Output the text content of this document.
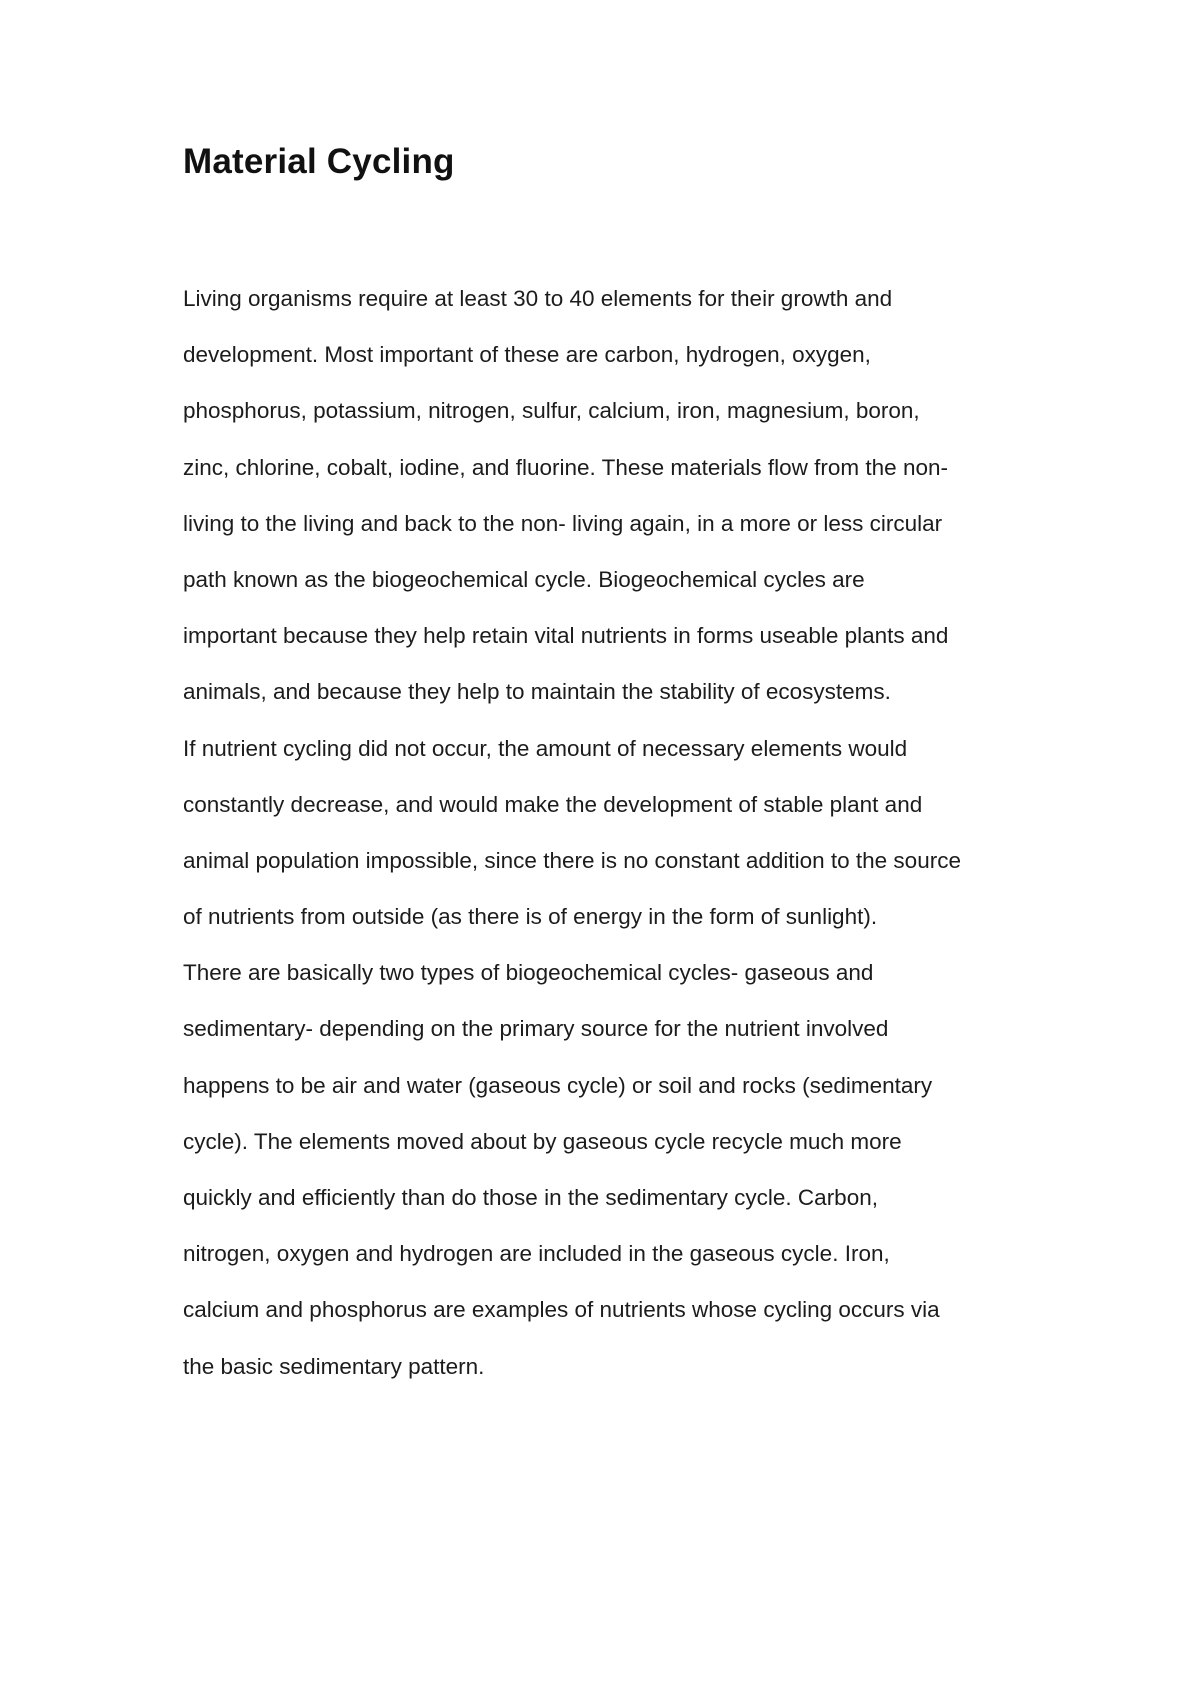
Material Cycling
Living organisms require at least 30 to 40 elements for their growth and
development. Most important of these are carbon, hydrogen, oxygen,
phosphorus, potassium, nitrogen, sulfur, calcium, iron, magnesium, boron,
zinc, chlorine, cobalt, iodine, and fluorine. These materials flow from the non-
living to the living and back to the non- living again, in a more or less circular
path known as the biogeochemical cycle. Biogeochemical cycles are
important because they help retain vital nutrients in forms useable plants and
animals, and because they help to maintain the stability of ecosystems.
If nutrient cycling did not occur, the amount of necessary elements would
constantly decrease, and would make the development of stable plant and
animal population impossible, since there is no constant addition to the source
of nutrients from outside (as there is of energy in the form of sunlight).
There are basically two types of biogeochemical cycles- gaseous and
sedimentary- depending on the primary source for the nutrient involved
happens to be air and water (gaseous cycle) or soil and rocks (sedimentary
cycle). The elements moved about by gaseous cycle recycle much more
quickly and efficiently than do those in the sedimentary cycle. Carbon,
nitrogen, oxygen and hydrogen are included in the gaseous cycle. Iron,
calcium and phosphorus are examples of nutrients whose cycling occurs via
the basic sedimentary pattern.
